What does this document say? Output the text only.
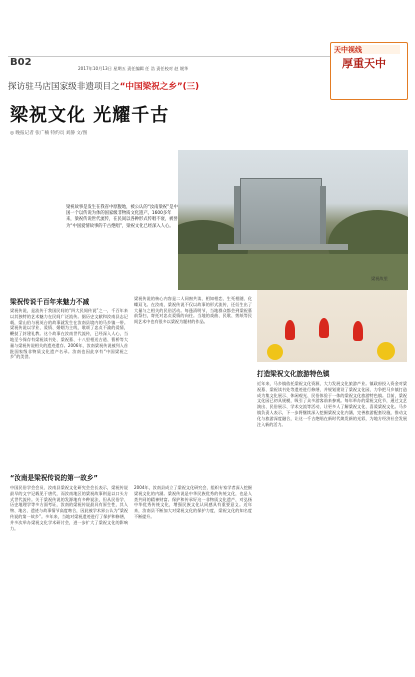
B02
2017年10月13日 星期五 责任编辑 任 浩 责任校对 赵 媛华
天中视线
厚重天中
探访驻马店国家级非遗项目之“中国梁祝之乡”(三)
梁祝文化 光耀千古
◎ 晚报记者 张广楠 特约员 刘静 文/图
梁祝故事是发生在我省中原腹地，被公认的“汝南梁祝”是中国一个以传说为体的国家级非物质文化遗产。1600多年来，梁祝传说世代流传，在民间以各种形式传唱不衰，被誉为“中国爱情故事的千古绝唱”，梁祝文化已经深入人心。
梁祝故里
梁祝传说千百年来魅力不减
梁祝传说，是流传于我国民间的“四大民间传说”之一，千百年来以其独特的艺术魅力在民间广泛流传。据历史文献和汝南县志记载，梁山伯与祝英台的故事就发生在汝南县境内的马乡镇一带。梁祝传说以学业、爱情、婚姻为主线，歌颂了忠贞不渝的爱情，鞭挞了封建礼教。这个故事在汝南世代流传，已经深入人心，当地至今保存有梁祝读书处、梁祝墓、十八里相送古道、曹桥等大量与梁祝传说相关的遗迹遗存。2006年，汝南梁祝传说被列入首批国家级非物质文化遗产名录。汝南也因此享有“中国梁祝之乡”的美誉。
“汝南是梁祝传说的第一故乡”
中国民俗学会会员、汝南县梁祝文化研究会会长表示，梁祝传说最早的文字记载见于唐代，而汝南地区的梁祝故事则是以口头方式世代流传。关于梁祝传说的发源地有多种说法，但从民俗学、历史地理学等多方面考证，汝南的梁祝传说最具有原生性，其人物、地名、遗迹与故事情节高度吻合，因此被学术界公认为“梁祝传说的第一故乡”。多年来，当地对梁祝遗迹进行了保护和修缮，并多次举办梁祝文化学术研讨会，进一步扩大了梁祝文化的影响力。
梁祝传说的核心内容是二人同窗共读、相知相恋、生死相随、化蝶双飞。在汝南，梁祝传说不仅以故事的形式流传，还衍生出了大量与之相关的民俗活动。每逢清明节，当地群众都会到梁祝墓前祭扫，寄托对忠贞爱情的向往。当地的戏曲、民歌、剪纸等民间艺术中也有很多以梁祝为题材的作品。
2004年，汝南县成立了梁祝文化研究会，组织专家学者深入挖掘梁祝文化的内涵。梁祝传说是中华民族优秀的传统文化，也是人类共同的精神财富。保护和传承好这一非物质文化遗产，对弘扬中华优秀传统文化，增强民族文化认同感具有重要意义。近年来，汝南县不断加大对梁祝文化的保护力度，梁祝文化的知名度不断提升。
打造梁祝文化旅游特色镇
近年来，马乡镇依托梁祝文化资源，大力发展文化旅游产业。镇政府投入资金对梁祝墓、梁祝读书处等遗迹进行修缮，并规划建设了梁祝文化园，力争把马乡镇打造成为集文化展示、休闲观光、民俗体验于一体的梁祝文化旅游特色镇。目前，梁祝文化园已初具规模，吸引了众多游客前来参观。每年举办的梁祝文化节，通过文艺演出、民俗展示、学术交流等活动，让更多人了解梁祝文化、喜爱梁祝文化。马乡镇负责人表示，下一步将继续深入挖掘梁祝文化内涵，完善旅游配套设施，推动文化与旅游深度融合，让这一千古绝唱在新时代焕发新的光彩，为地方经济社会发展注入新的活力。
